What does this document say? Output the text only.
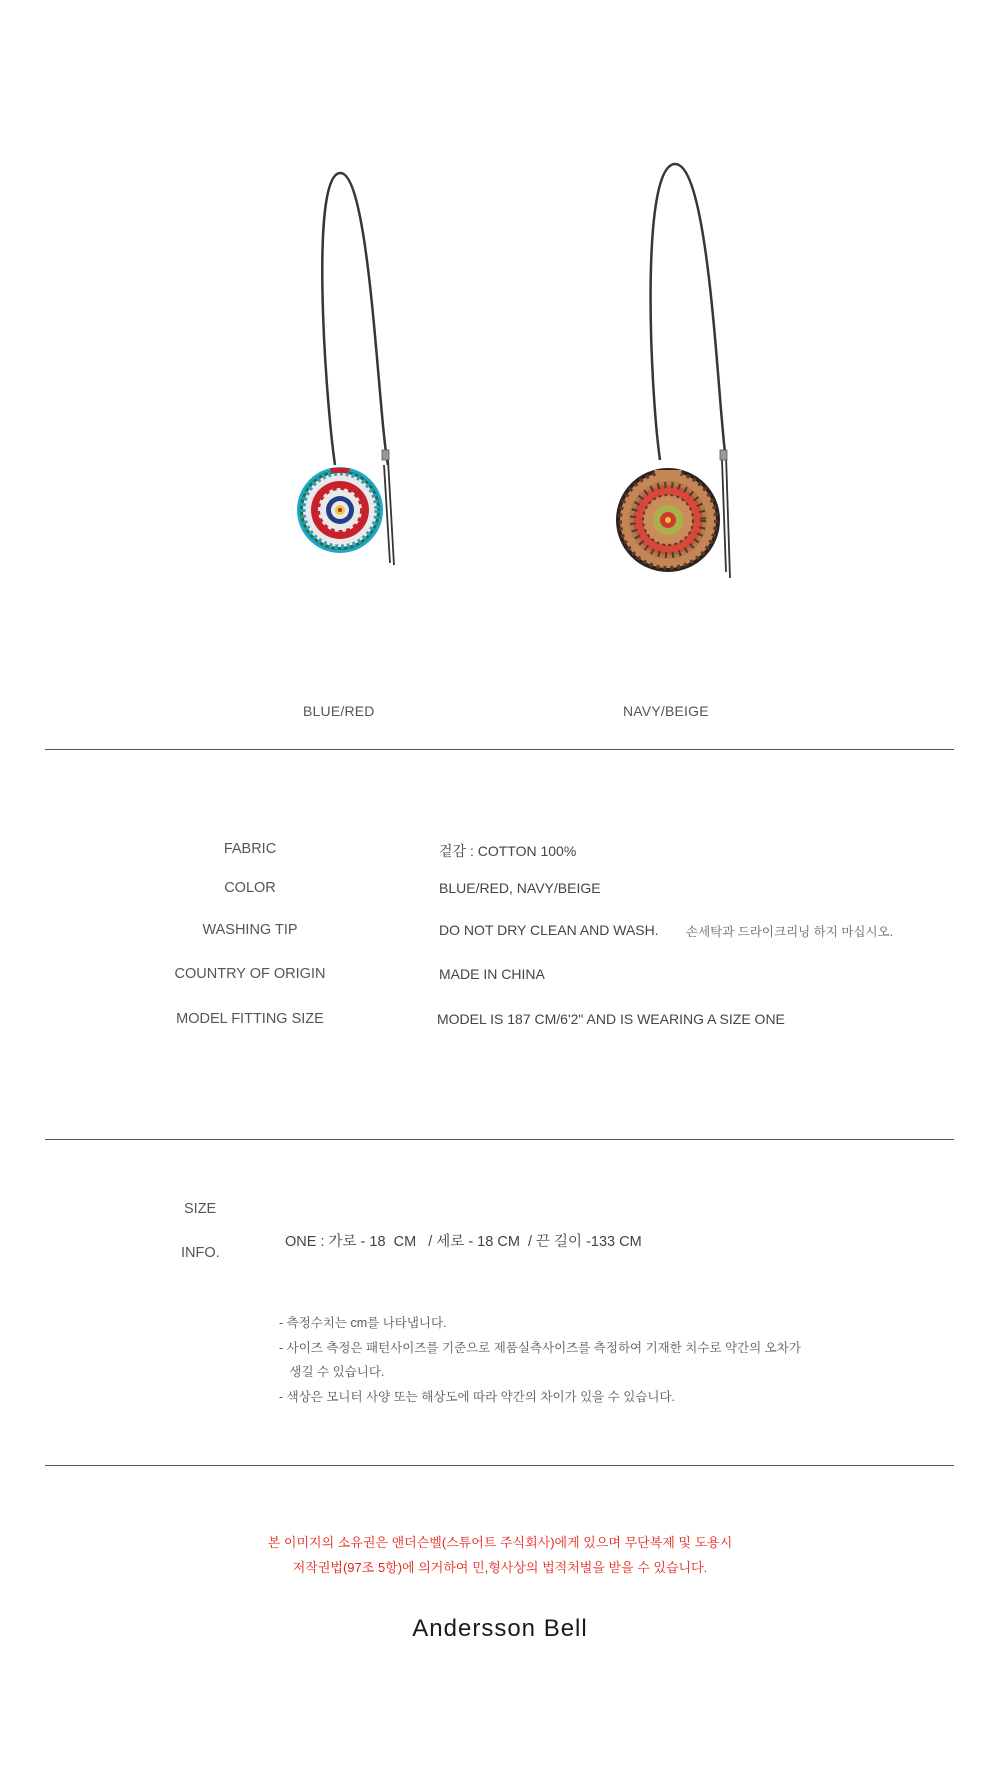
BLUE/RED	NAVY/BEIGE
FABRIC	겉감 : COTTON 100%
COLOR	BLUE/RED, NAVY/BEIGE
WASHING TIP	DO NOT DRY CLEAN AND WASH. 손세탁과 드라이크리닝 하지 마십시오.
COUNTRY OF ORIGIN	MADE IN CHINA
MODEL FITTING SIZE	MODEL IS 187 CM/6'2" AND IS WEARING A SIZE ONE
SIZE
INFO.
ONE : 가로 - 18  CM   / 세로 - 18 CM  / 끈 길이 -133 CM
- 측정수치는 cm를 나타냅니다.
- 사이즈 측정은 패턴사이즈를 기준으로 제품실측사이즈를 측정하여 기재한 치수로 약간의 오차가
생길 수 있습니다.
- 색상은 모니터 사양 또는 해상도에 따라 약간의 차이가 있을 수 있습니다.
본 이미지의 소유권은 앤더슨벨(스튜어트 주식회사)에게 있으며 무단복제 및 도용시
저작권법(97조 5항)에 의거하여 민,형사상의 법적처벌을 받을 수 있습니다.
Andersson Bell
